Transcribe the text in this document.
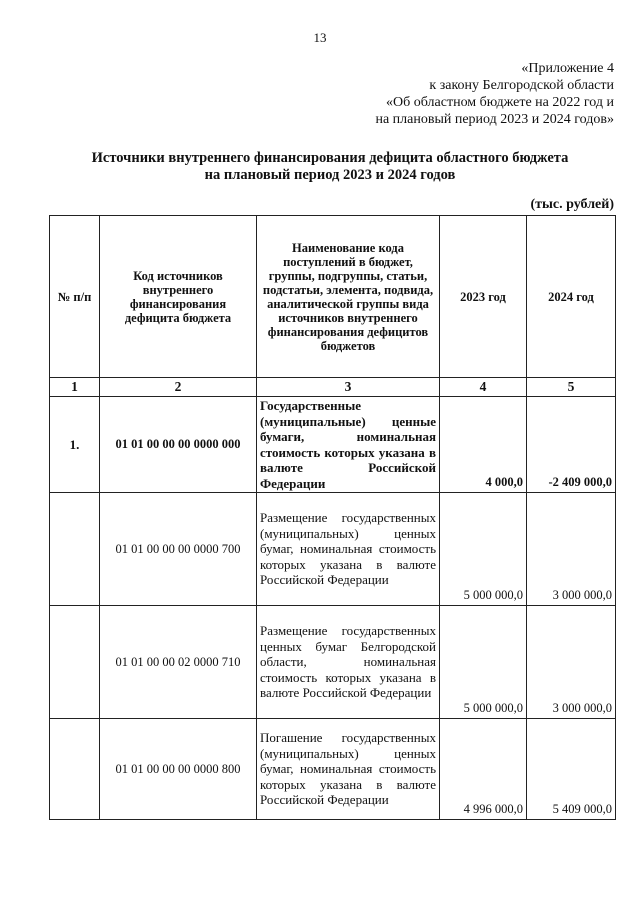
13
«Приложение 4
к закону Белгородской области
«Об областном бюджете на 2022 год и
на плановый период 2023 и 2024 годов»
Источники внутреннего финансирования дефицита областного бюджета
на плановый период 2023 и 2024 годов
(тыс. рублей)
№ п/п	Код источников внутреннего финансирования дефицита бюджета	Наименование кода поступлений в бюджет, группы, подгруппы, статьи, подстатьи, элемента, подвида, аналитической группы вида источников внутреннего финансирования дефицитов бюджетов	2023 год	2024 год
1	2	3	4	5
1.	01 01 00 00 00 0000 000	Государственные (муниципальные) ценные бумаги, номинальная стоимость которых указана в валюте Российской Федерации	4 000,0	-2 409 000,0
	01 01 00 00 00 0000 700	Размещение государственных (муниципальных) ценных бумаг, номинальная стоимость которых указана в валюте Российской Федерации	5 000 000,0	3 000 000,0
	01 01 00 00 02 0000 710	Размещение государственных ценных бумаг Белгородской области, номинальная стоимость которых указана в валюте Российской Федерации	5 000 000,0	3 000 000,0
	01 01 00 00 00 0000 800	Погашение государственных (муниципальных) ценных бумаг, номинальная стоимость которых указана в валюте Российской Федерации	4 996 000,0	5 409 000,0
